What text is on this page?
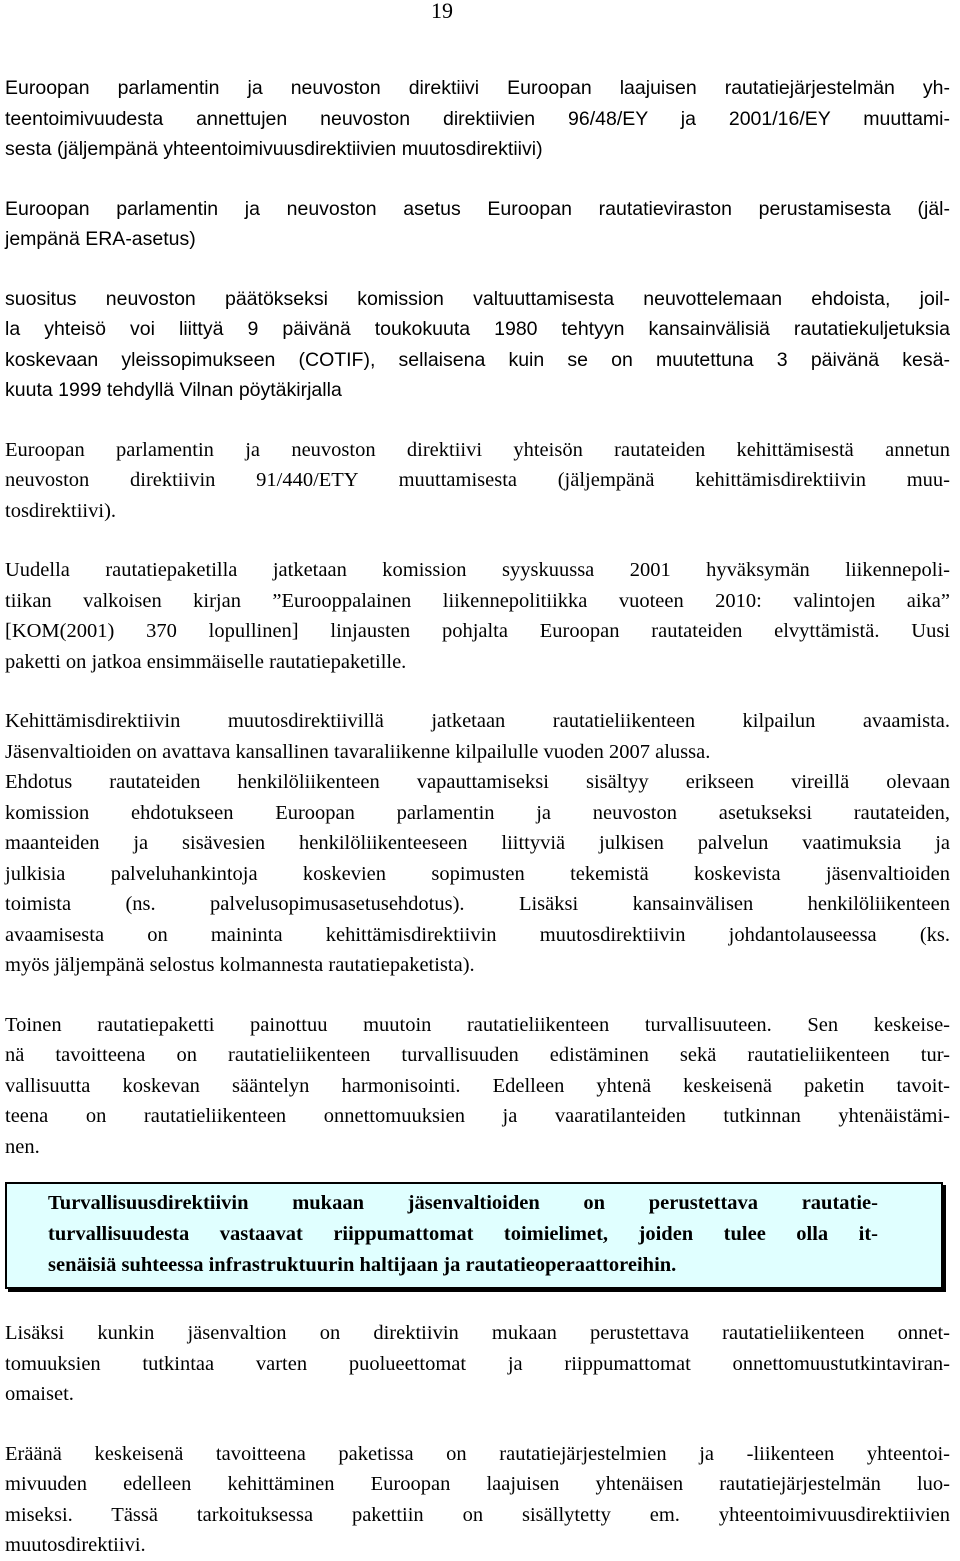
19

Euroopan parlamentin ja neuvoston direktiivi Euroopan laajuisen rautatiejärjestelmän yh-
teentoimivuudesta annettujen neuvoston direktiivien 96/48/EY ja 2001/16/EY muuttami-
sesta (jäljempänä yhteentoimivuusdirektiivien muutosdirektiivi)

Euroopan parlamentin ja neuvoston asetus Euroopan rautatieviraston perustamisesta (jäl-
jempänä ERA-asetus)

suositus neuvoston päätökseksi komission valtuuttamisesta neuvottelemaan ehdoista, joil-
la yhteisö voi liittyä 9 päivänä toukokuuta 1980 tehtyyn kansainvälisiä rautatiekuljetuksia
koskevaan yleissopimukseen (COTIF), sellaisena kuin se on muutettuna 3 päivänä kesä-
kuuta 1999 tehdyllä Vilnan pöytäkirjalla

Euroopan parlamentin ja neuvoston direktiivi yhteisön rautateiden kehittämisestä annetun
neuvoston direktiivin 91/440/ETY muuttamisesta (jäljempänä kehittämisdirektiivin muu-
tosdirektiivi).

Uudella rautatiepaketilla jatketaan komission syyskuussa 2001 hyväksymän liikennepoli-
tiikan valkoisen kirjan ”Eurooppalainen liikennepolitiikka vuoteen 2010: valintojen aika”
[KOM(2001) 370 lopullinen] linjausten pohjalta Euroopan rautateiden elvyttämistä. Uusi
paketti on jatkoa ensimmäiselle rautatiepaketille.

Kehittämisdirektiivin muutosdirektiivillä jatketaan rautatieliikenteen kilpailun avaamista.
Jäsenvaltioiden on avattava kansallinen tavaraliikenne kilpailulle vuoden 2007 alussa.
Ehdotus rautateiden henkilöliikenteen vapauttamiseksi sisältyy erikseen vireillä olevaan
komission ehdotukseen Euroopan parlamentin ja neuvoston asetukseksi rautateiden,
maanteiden ja sisävesien henkilöliikenteeseen liittyviä julkisen palvelun vaatimuksia ja
julkisia palveluhankintoja koskevien sopimusten tekemistä koskevista jäsenvaltioiden
toimista (ns. palvelusopimusasetusehdotus). Lisäksi kansainvälisen henkilöliikenteen
avaamisesta on maininta kehittämisdirektiivin muutosdirektiivin johdantolauseessa (ks.
myös jäljempänä selostus kolmannesta rautatiepaketista).

Toinen rautatiepaketti painottuu muutoin rautatieliikenteen turvallisuuteen. Sen keskeise-
nä tavoitteena on rautatieliikenteen turvallisuuden edistäminen sekä rautatieliikenteen tur-
vallisuutta koskevan sääntelyn harmonisointi. Edelleen yhtenä keskeisenä paketin tavoit-
teena on rautatieliikenteen onnettomuuksien ja vaaratilanteiden tutkinnan yhtenäistämi-
nen.

Turvallisuusdirektiivin mukaan jäsenvaltioiden on perustettava rautatie-
turvallisuudesta vastaavat riippumattomat toimielimet, joiden tulee olla it-
senäisiä suhteessa infrastruktuurin haltijaan ja rautatieoperaattoreihin.

Lisäksi kunkin jäsenvaltion on direktiivin mukaan perustettava rautatieliikenteen onnet-
tomuuksien tutkintaa varten puolueettomat ja riippumattomat onnettomuustutkintaviran-
omaiset.

Eräänä keskeisenä tavoitteena paketissa on rautatiejärjestelmien ja -liikenteen yhteentoi-
mivuuden edelleen kehittäminen Euroopan laajuisen yhtenäisen rautatiejärjestelmän luo-
miseksi. Tässä tarkoituksessa pakettiin on sisällytetty em. yhteentoimivuusdirektiivien
muutosdirektiivi.
